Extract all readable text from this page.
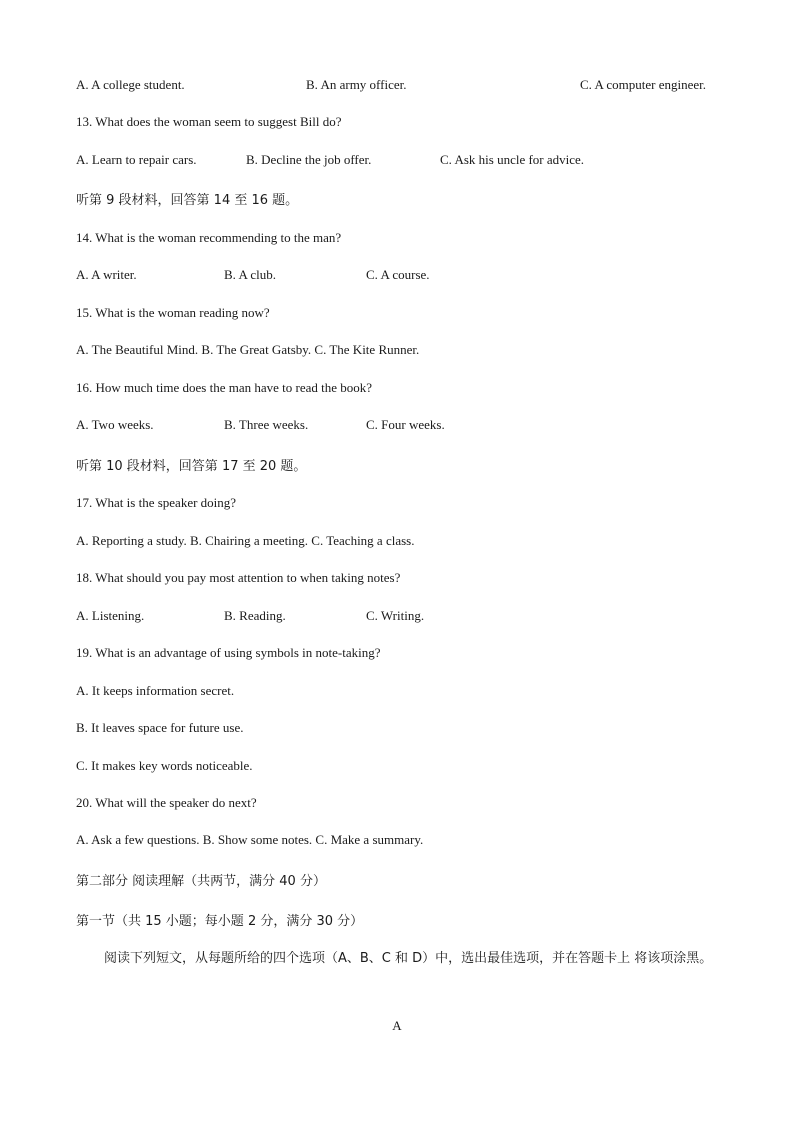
A. A college student.	B. An army officer.	C. A computer engineer.
13. What does the woman seem to suggest Bill do?
A. Learn to repair cars.	B. Decline the job offer.	C. Ask his uncle for advice.
听第 9 段材料，回答第 14 至 16 题。
14. What is the woman recommending to the man?
A. A writer.	B. A club.	C. A course.
15. What is the woman reading now?
A. The Beautiful Mind. B. The Great Gatsby. C. The Kite Runner.
16. How much time does the man have to read the book?
A. Two weeks.	B. Three weeks.	C. Four weeks.
听第 10 段材料，回答第 17 至 20 题。
17. What is the speaker doing?
A. Reporting a study. B. Chairing a meeting. C. Teaching a class.
18. What should you pay most attention to when taking notes?
A. Listening.	B. Reading.	C. Writing.
19. What is an advantage of using symbols in note-taking?
A. It keeps information secret.
B. It leaves space for future use.
C. It makes key words noticeable.
20. What will the speaker do next?
A. Ask a few questions. B. Show some notes. C. Make a summary.
第二部分 阅读理解（共两节，满分 40 分）
第一节（共 15 小题；每小题 2 分，满分 30 分）
阅读下列短文，从每题所给的四个选项（A、B、C 和 D）中，选出最佳选项，并在答题卡上 将该项涂黑。
A
